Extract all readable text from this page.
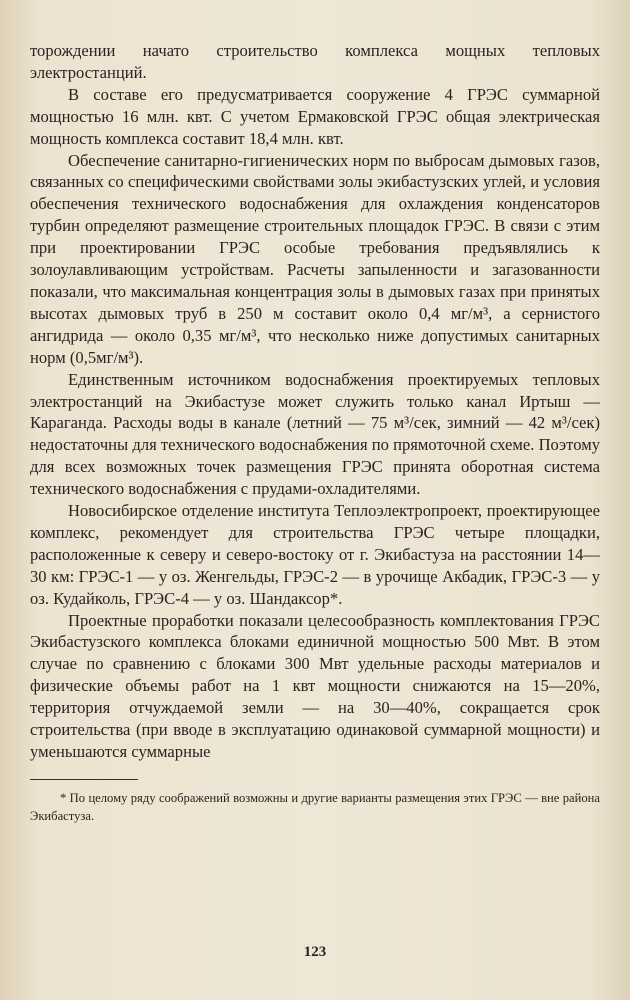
торождении начато строительство комплекса мощных тепловых электростанций.

В составе его предусматривается сооружение 4 ГРЭС суммарной мощностью 16 млн. квт. С учетом Ермаковской ГРЭС общая электрическая мощность комплекса составит 18,4 млн. квт.

Обеспечение санитарно-гигиенических норм по выбросам дымовых газов, связанных со специфическими свойствами золы экибастузских углей, и условия обеспечения технического водоснабжения для охлаждения конденсаторов турбин определяют размещение строительных площадок ГРЭС. В связи с этим при проектировании ГРЭС особые требования предъявлялись к золоулавливающим устройствам. Расчеты запыленности и загазованности показали, что максимальная концентрация золы в дымовых газах при принятых высотах дымовых труб в 250 м составит около 0,4 мг/м³, а сернистого ангидрида — около 0,35 мг/м³, что несколько ниже допустимых санитарных норм (0,5мг/м³).

Единственным источником водоснабжения проектируемых тепловых электростанций на Экибастузе может служить только канал Иртыш — Караганда. Расходы воды в канале (летний — 75 м³/сек, зимний — 42 м³/сек) недостаточны для технического водоснабжения по прямоточной схеме. Поэтому для всех возможных точек размещения ГРЭС принята оборотная система технического водоснабжения с прудами-охладителями.

Новосибирское отделение института Теплоэлектропроект, проектирующее комплекс, рекомендует для строительства ГРЭС четыре площадки, расположенные к северу и северо-востоку от г. Экибастуза на расстоянии 14—30 км: ГРЭС-1 — у оз. Женгельды, ГРЭС-2 — в урочище Акбадик, ГРЭС-3 — у оз. Кудайколь, ГРЭС-4 — у оз. Шандаксор*.

Проектные проработки показали целесообразность комплектования ГРЭС Экибастузского комплекса блоками единичной мощностью 500 Мвт. В этом случае по сравнению с блоками 300 Мвт удельные расходы материалов и физические объемы работ на 1 квт мощности снижаются на 15—20%, территория отчуждаемой земли — на 30—40%, сокращается срок строительства (при вводе в эксплуатацию одинаковой суммарной мощности) и уменьшаются суммарные

* По целому ряду соображений возможны и другие варианты размещения этих ГРЭС — вне района Экибастуза.

123
